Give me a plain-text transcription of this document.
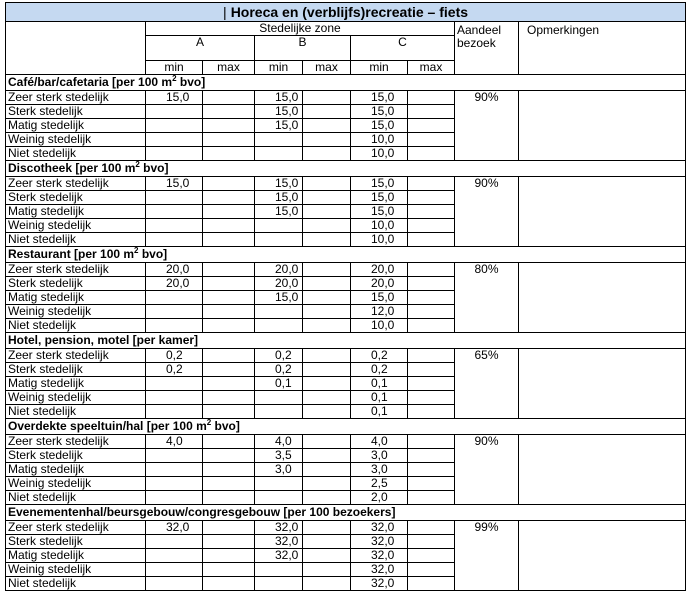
| Horeca en (verblijfs)recreatie – fiets								
	Stedelijke zone						Aandeel
bezoek	Opmerkingen
	A		B		C			
	min	max	min	max	min	max		
Café/bar/cafetaria [per 100 $m^2$ bvo]								
Zeer sterk stedelijk	15,0		15,0		15,0		90%	
Sterk stedelijk			15,0		15,0			
Matig stedelijk			15,0		15,0			
Weinig stedelijk					10,0			
Niet stedelijk					10,0			
Discotheek [per 100 $m^2$ bvo]								
Zeer sterk stedelijk	15,0		15,0		15,0		90%	
Sterk stedelijk			15,0		15,0			
Matig stedelijk			15,0		15,0			
Weinig stedelijk					10,0			
Niet stedelijk					10,0			
Restaurant [per 100 $m^2$ bvo]								
Zeer sterk stedelijk	20,0		20,0		20,0		80%	
Sterk stedelijk	20,0		20,0		20,0			
Matig stedelijk			15,0		15,0			
Weinig stedelijk					12,0			
Niet stedelijk					10,0			
Hotel, pension, motel [per kamer]								
Zeer sterk stedelijk	0,2		0,2		0,2		65%	
Sterk stedelijk	0,2		0,2		0,2			
Matig stedelijk			0,1		0,1			
Weinig stedelijk					0,1			
Niet stedelijk					0,1			
Overdekte speeltuin/hal [per 100 $m^2$ bvo]								
Zeer sterk stedelijk	4,0		4,0		4,0		90%	
Sterk stedelijk			3,5		3,0			
Matig stedelijk			3,0		3,0			
Weinig stedelijk					2,5			
Niet stedelijk					2,0			
Evenementenhal/beursgebouw/congresgebouw [per 100 bezoekers]								
Zeer sterk stedelijk	32,0		32,0		32,0		99%	
Sterk stedelijk			32,0		32,0			
Matig stedelijk			32,0		32,0			
Weinig stedelijk					32,0			
Niet stedelijk					32,0			
